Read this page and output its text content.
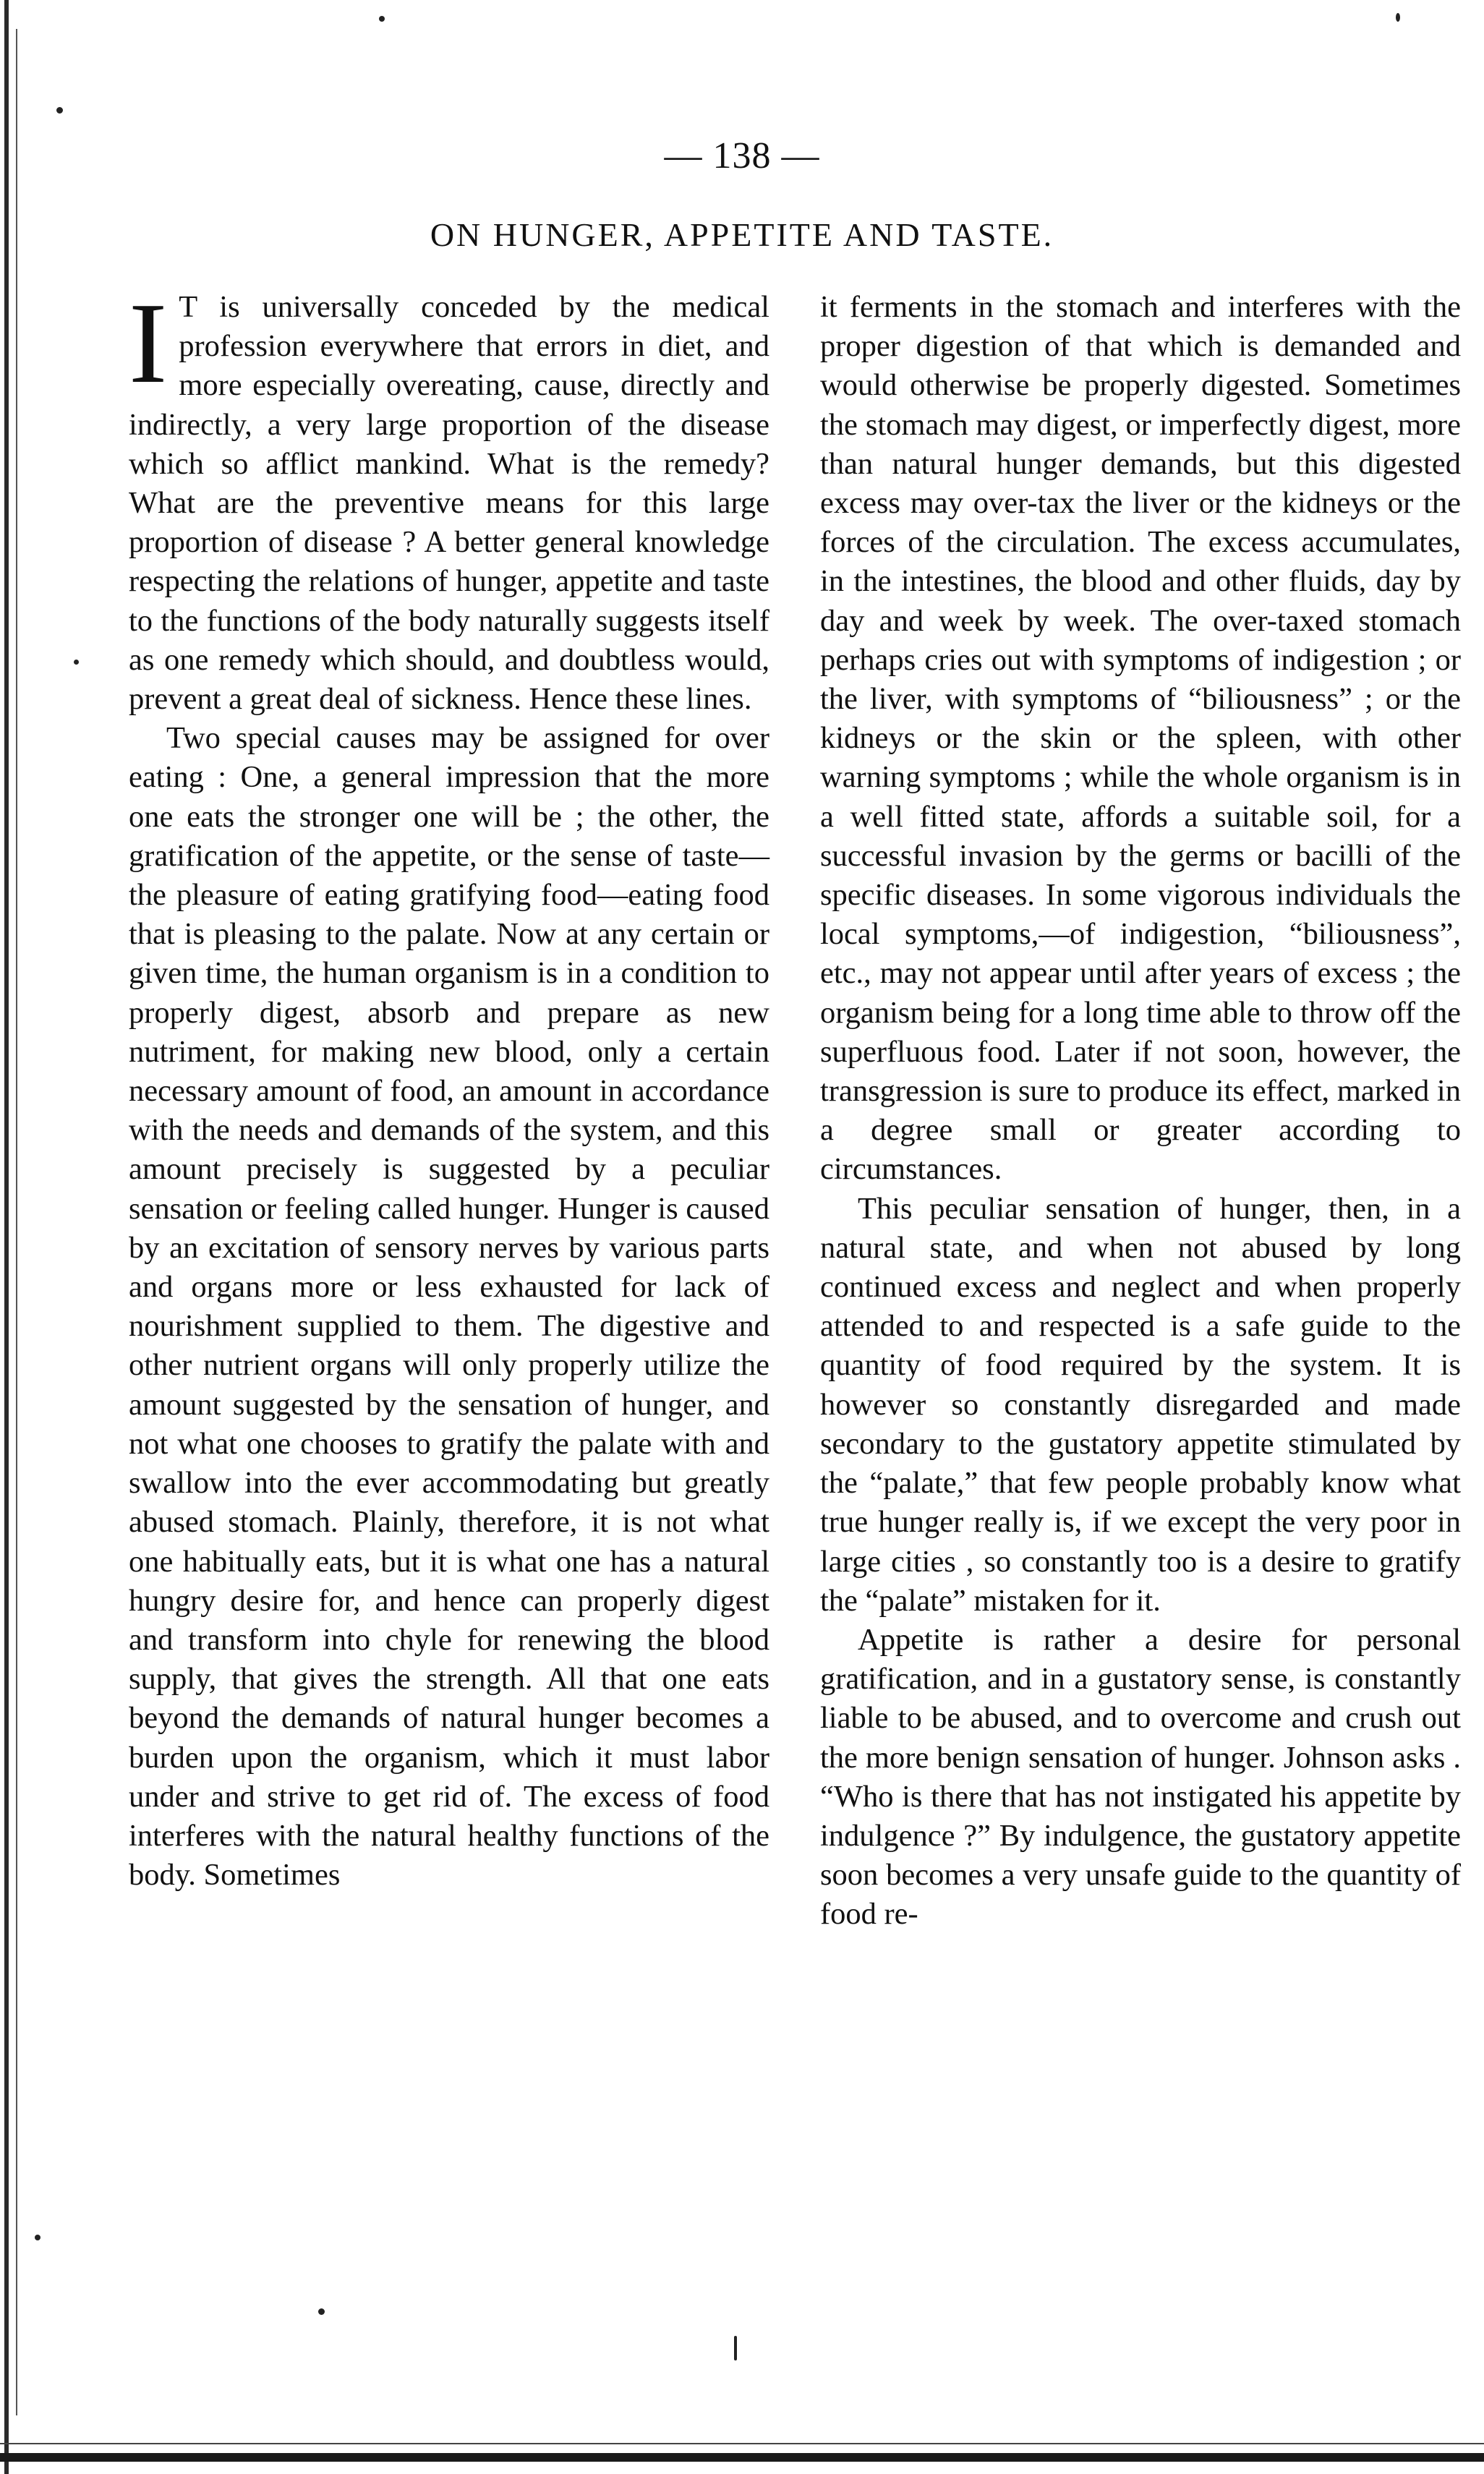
— 138 —
ON HUNGER, APPETITE AND TASTE.

I T is universally conceded by the medical profession everywhere that errors in diet, and more especially overeating, cause, directly and indirectly, a very large proportion of the disease which so afflict mankind. What is the remedy? What are the preventive means for this large proportion of disease ? A better general knowledge respecting the relations of hunger, appetite and taste to the functions of the body naturally suggests itself as one remedy which should, and doubtless would, prevent a great deal of sickness. Hence these lines.

Two special causes may be assigned for over eating : One, a general impression that the more one eats the stronger one will be ; the other, the gratification of the appetite, or the sense of taste—the pleasure of eating gratifying food—eating food that is pleasing to the palate. Now at any certain or given time, the human organism is in a condition to properly digest, absorb and prepare as new nutriment, for making new blood, only a certain necessary amount of food, an amount in accordance with the needs and demands of the system, and this amount precisely is suggested by a peculiar sensation or feeling called hunger. Hunger is caused by an excitation of sensory nerves by various parts and organs more or less exhausted for lack of nourishment supplied to them. The digestive and other nutrient organs will only properly utilize the amount suggested by the sensation of hunger, and not what one chooses to gratify the palate with and swallow into the ever accommodating but greatly abused stomach. Plainly, therefore, it is not what one habitually eats, but it is what one has a natural hungry desire for, and hence can properly digest and transform into chyle for renewing the blood supply, that gives the strength. All that one eats beyond the demands of natural hunger becomes a burden upon the organism, which it must labor under and strive to get rid of. The excess of food interferes with the natural healthy functions of the body. Sometimes

it ferments in the stomach and interferes with the proper digestion of that which is demanded and would otherwise be properly digested. Sometimes the stomach may digest, or imperfectly digest, more than natural hunger demands, but this digested excess may over-tax the liver or the kidneys or the forces of the circulation. The excess accumulates, in the intestines, the blood and other fluids, day by day and week by week. The over-taxed stomach perhaps cries out with symptoms of indigestion ; or the liver, with symptoms of “biliousness” ; or the kidneys or the skin or the spleen, with other warning symptoms ; while the whole organism is in a well fitted state, affords a suitable soil, for a successful invasion by the germs or bacilli of the specific diseases. In some vigorous individuals the local symptoms,—of indigestion, “biliousness”, etc., may not appear until after years of excess ; the organism being for a long time able to throw off the superfluous food. Later if not soon, however, the transgression is sure to produce its effect, marked in a degree small or greater according to circumstances.

This peculiar sensation of hunger, then, in a natural state, and when not abused by long continued excess and neglect and when properly attended to and respected is a safe guide to the quantity of food required by the system. It is however so constantly disregarded and made secondary to the gustatory appetite stimulated by the “palate,” that few people probably know what true hunger really is, if we except the very poor in large cities , so constantly too is a desire to gratify the “palate” mistaken for it.

Appetite is rather a desire for personal gratification, and in a gustatory sense, is constantly liable to be abused, and to overcome and crush out the more benign sensation of hunger. Johnson asks . “Who is there that has not instigated his appetite by indulgence ?” By indulgence, the gustatory appetite soon becomes a very unsafe guide to the quantity of food re-
